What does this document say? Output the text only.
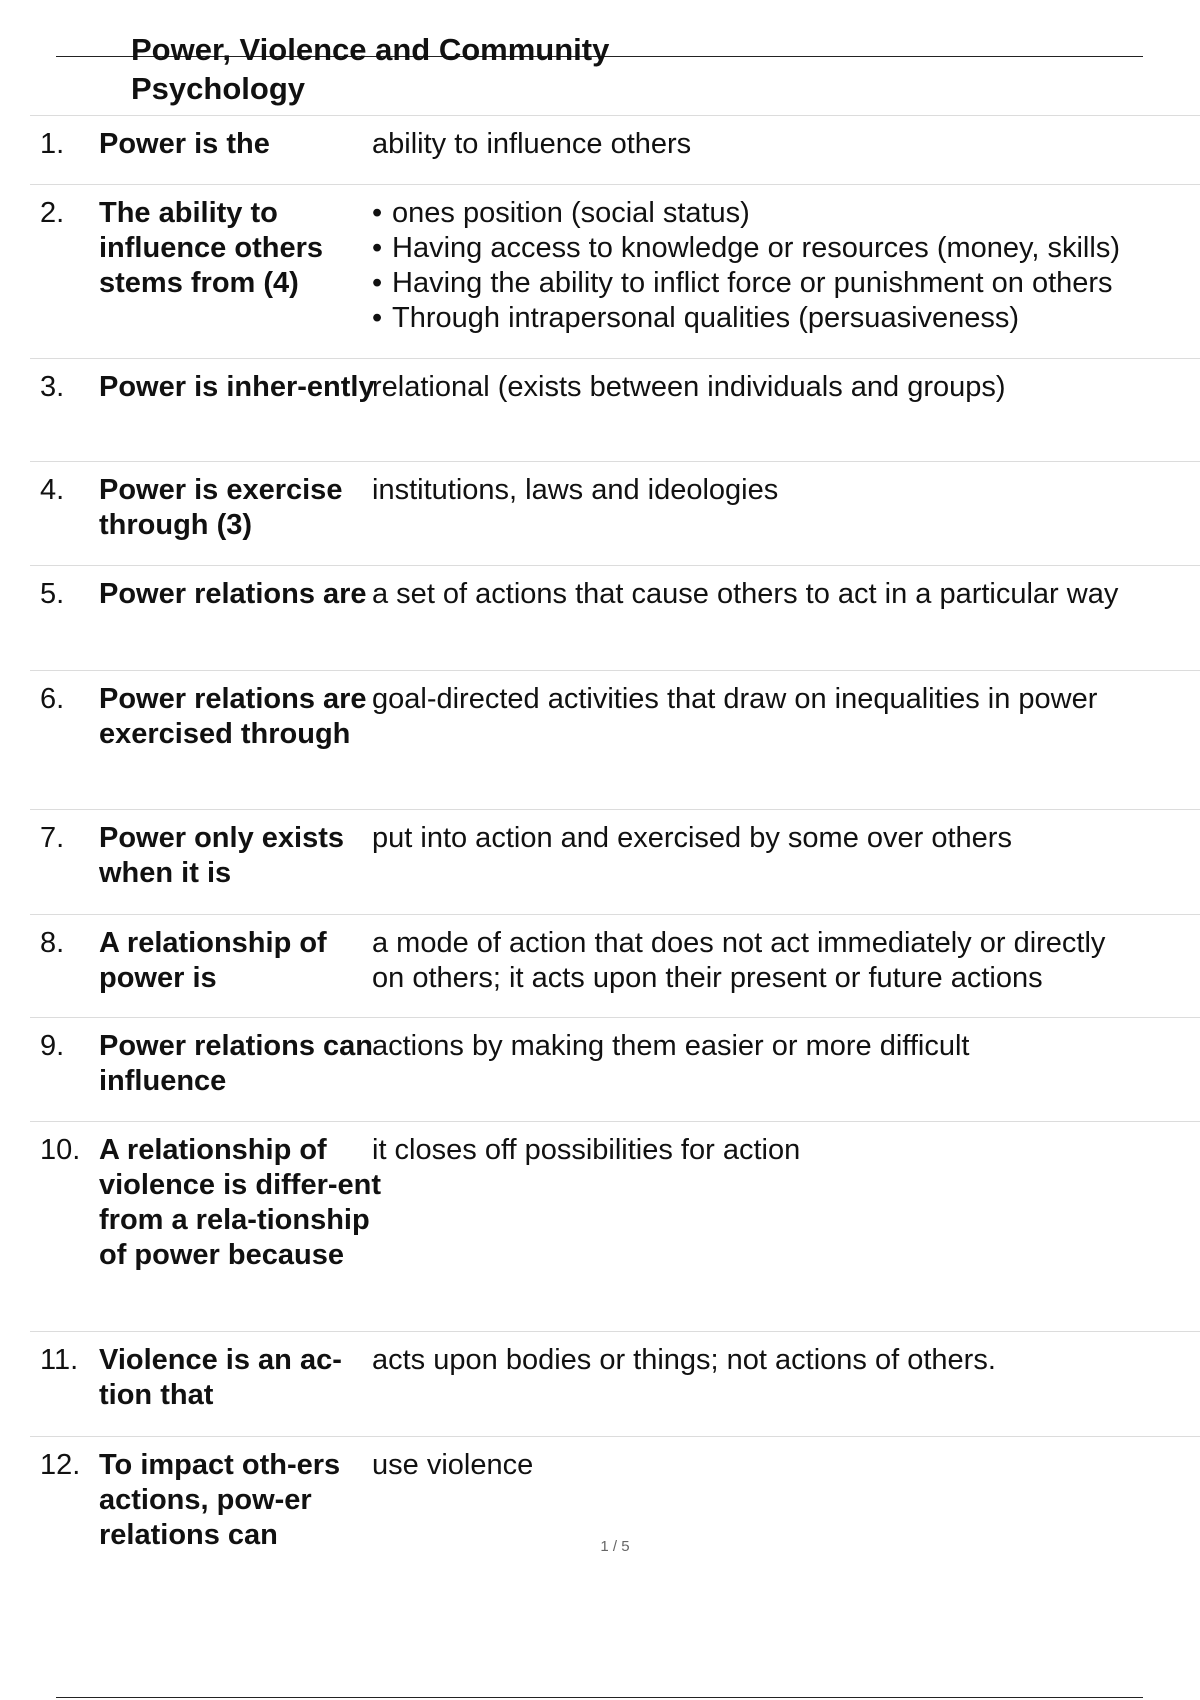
Power, Violence and Community Psychology
1. Power is the	ability to influence others
2. The ability to influence others stems from (4)
• ones position (social status)
• Having access to knowledge or resources (money, skills)
• Having the ability to inflict force or punishment on others
• Through intrapersonal qualities (persuasiveness)
3. Power is inher-ently
relational (exists between individuals and groups)
4. Power is exercise through (3)
institutions, laws and ideologies
5. Power relations are a set of actions that cause others to act in a particular way
6. Power relations are exercised through
goal-directed activities that draw on inequalities in power
7. Power only exists when it is
put into action and exercised by some over others
8. A relationship of power is
a mode of action that does not act immediately or directly
on others; it acts upon their present or future actions
9. Power relations can influence
actions by making them easier or more difficult
10. A relationship of violence is differ-ent from a rela-tionship of power because
it closes off possibilities for action
11. Violence is an ac-tion that
acts upon bodies or things; not actions of others.
12. To impact oth-ers actions, pow-er relations can
use violence
1 / 5
